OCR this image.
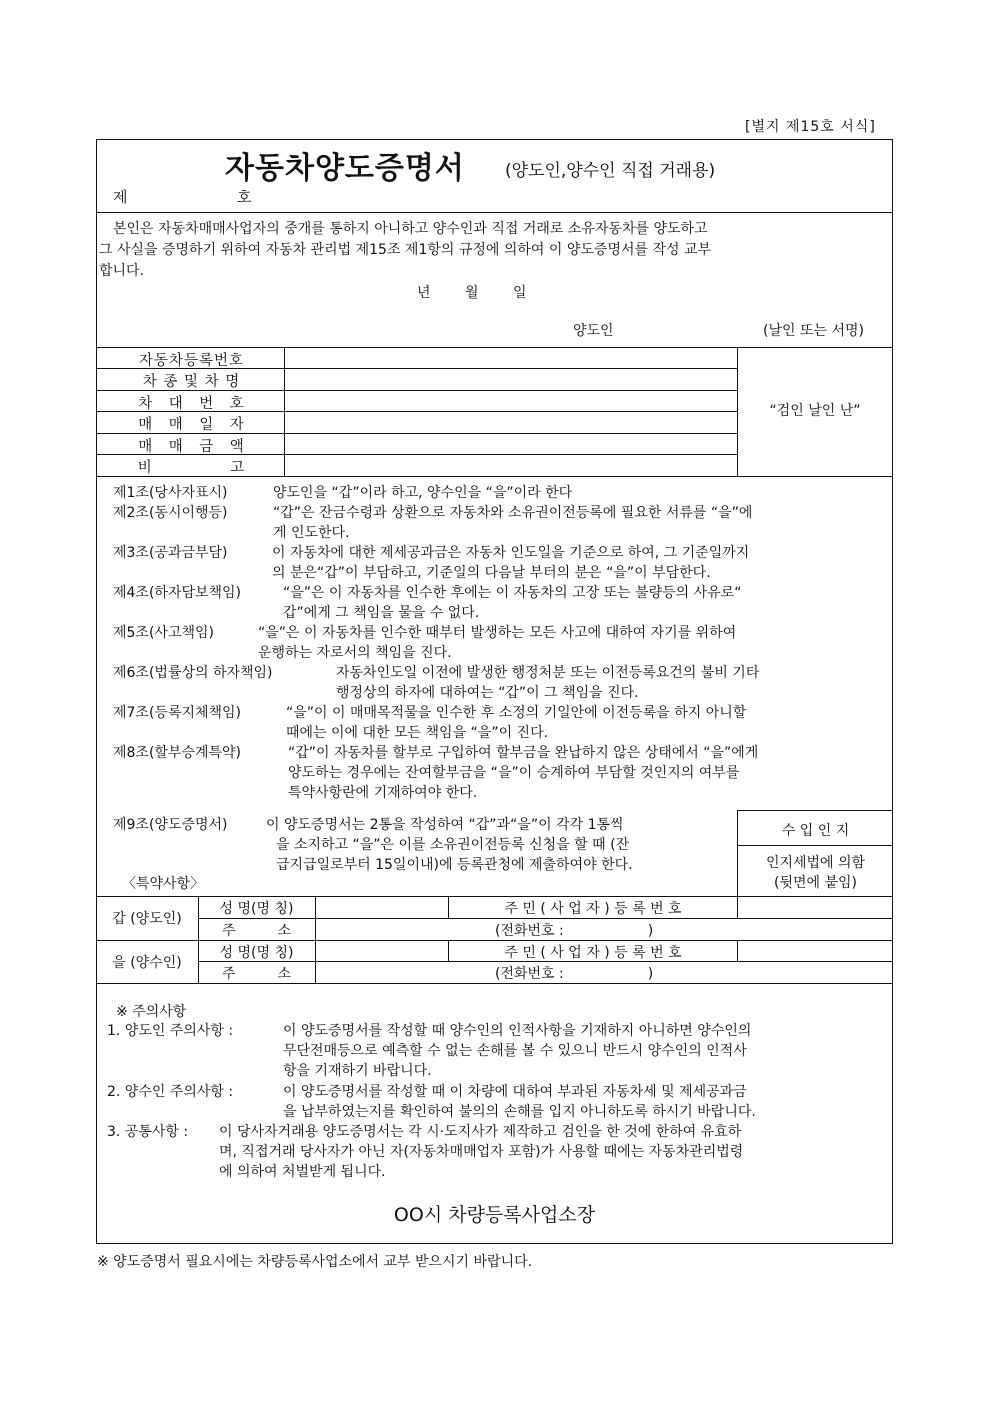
[별지 제15호 서식]
자동차양도증명서 (양도인,양수인 직접 거래용)
제	호
　본인은 자동차매매사업자의 중개를 통하지 아니하고 양수인과 직접 거래로 소유자동차를 양도하고
그 사실을 증명하기 위하여 자동차 관리법 제15조 제1항의 규정에 의하여 이 양도증명서를 작성 교부
합니다.
년 월 일
양도인	(날인 또는 서명)
자동차등록번호
차 종 및 차 명
차　대　번　호
매　매　일　자
매　매　금　액
비　　　　　고
“검인 날인 난”
제1조(당사자표시)	양도인을 “갑”이라 하고, 양수인을 “을”이라 한다
제2조(동시이행등)	“갑”은 잔금수령과 상환으로 자동차와 소유권이전등록에 필요한 서류를 “을”에
게 인도한다.
제3조(공과금부담)	이 자동차에 대한 제세공과금은 자동차 인도일을 기준으로 하여, 그 기준일까지
의 분은“갑”이 부담하고, 기준일의 다음날 부터의 분은 “을”이 부담한다.
제4조(하자담보책임)	“을”은 이 자동차를 인수한 후에는 이 자동차의 고장 또는 불량등의 사유로“
갑”에게 그 책임을 물을 수 없다.
제5조(사고책임)	“을”은 이 자동차를 인수한 때부터 발생하는 모든 사고에 대하여 자기를 위하여
운행하는 자로서의 책임을 진다.
제6조(법률상의 하자책임)	자동차인도일 이전에 발생한 행정처분 또는 이전등록요건의 불비 기타
행정상의 하자에 대하여는 “갑”이 그 책임을 진다.
제7조(등록지체책임)	“을”이 이 매매목적물을 인수한 후 소정의 기일안에 이전등록을 하지 아니할
때에는 이에 대한 모든 책임을 “을”이 진다.
제8조(할부승계특약)	“갑”이 자동차를 할부로 구입하여 할부금을 완납하지 않은 상태에서 “을”에게
양도하는 경우에는 잔여할부금을 “을”이 승계하여 부담할 것인지의 여부를
특약사항란에 기재하여야 한다.
제9조(양도증명서)	이 양도증명서는 2통을 작성하여 “갑”과“을”이 각각 1통씩
을 소지하고 “을”은 이를 소유권이전등록 신청을 할 때 (잔
급지급일로부터 15일이내)에 등록관청에 제출하여야 한다.
〈특약사항〉
수 입 인 지
인지세법에 의함
(뒷면에 붙임)
갑 (양도인)
성 명(명 칭)	주 민 ( 사 업 자 ) 등 록 번 호
주　　　소	(전화번호 :　　　　　　)
을 (양수인)
성 명(명 칭)	주 민 ( 사 업 자 ) 등 록 번 호
주　　　소	(전화번호 :　　　　　　)
※ 주의사항
1. 양도인 주의사항 :	이 양도증명서를 작성할 때 양수인의 인적사항을 기재하지 아니하면 양수인의
무단전매등으로 예측할 수 없는 손해를 볼 수 있으니 반드시 양수인의 인적사
항을 기재하기 바랍니다.
2. 양수인 주의사항 :	이 양도증명서를 작성할 때 이 차량에 대하여 부과된 자동차세 및 제세공과금
을 납부하였는지를 확인하여 불의의 손해를 입지 아니하도록 하시기 바랍니다.
3. 공통사항 : 이 당사자거래용 양도증명서는 각 시·도지사가 제작하고 검인을 한 것에 한하여 유효하
며, 직접거래 당사자가 아닌 자(자동차매매업자 포함)가 사용할 때에는 자동차관리법령
에 의하여 처벌받게 됩니다.
OO시 차량등록사업소장
※ 양도증명서 필요시에는 차량등록사업소에서 교부 받으시기 바랍니다.
